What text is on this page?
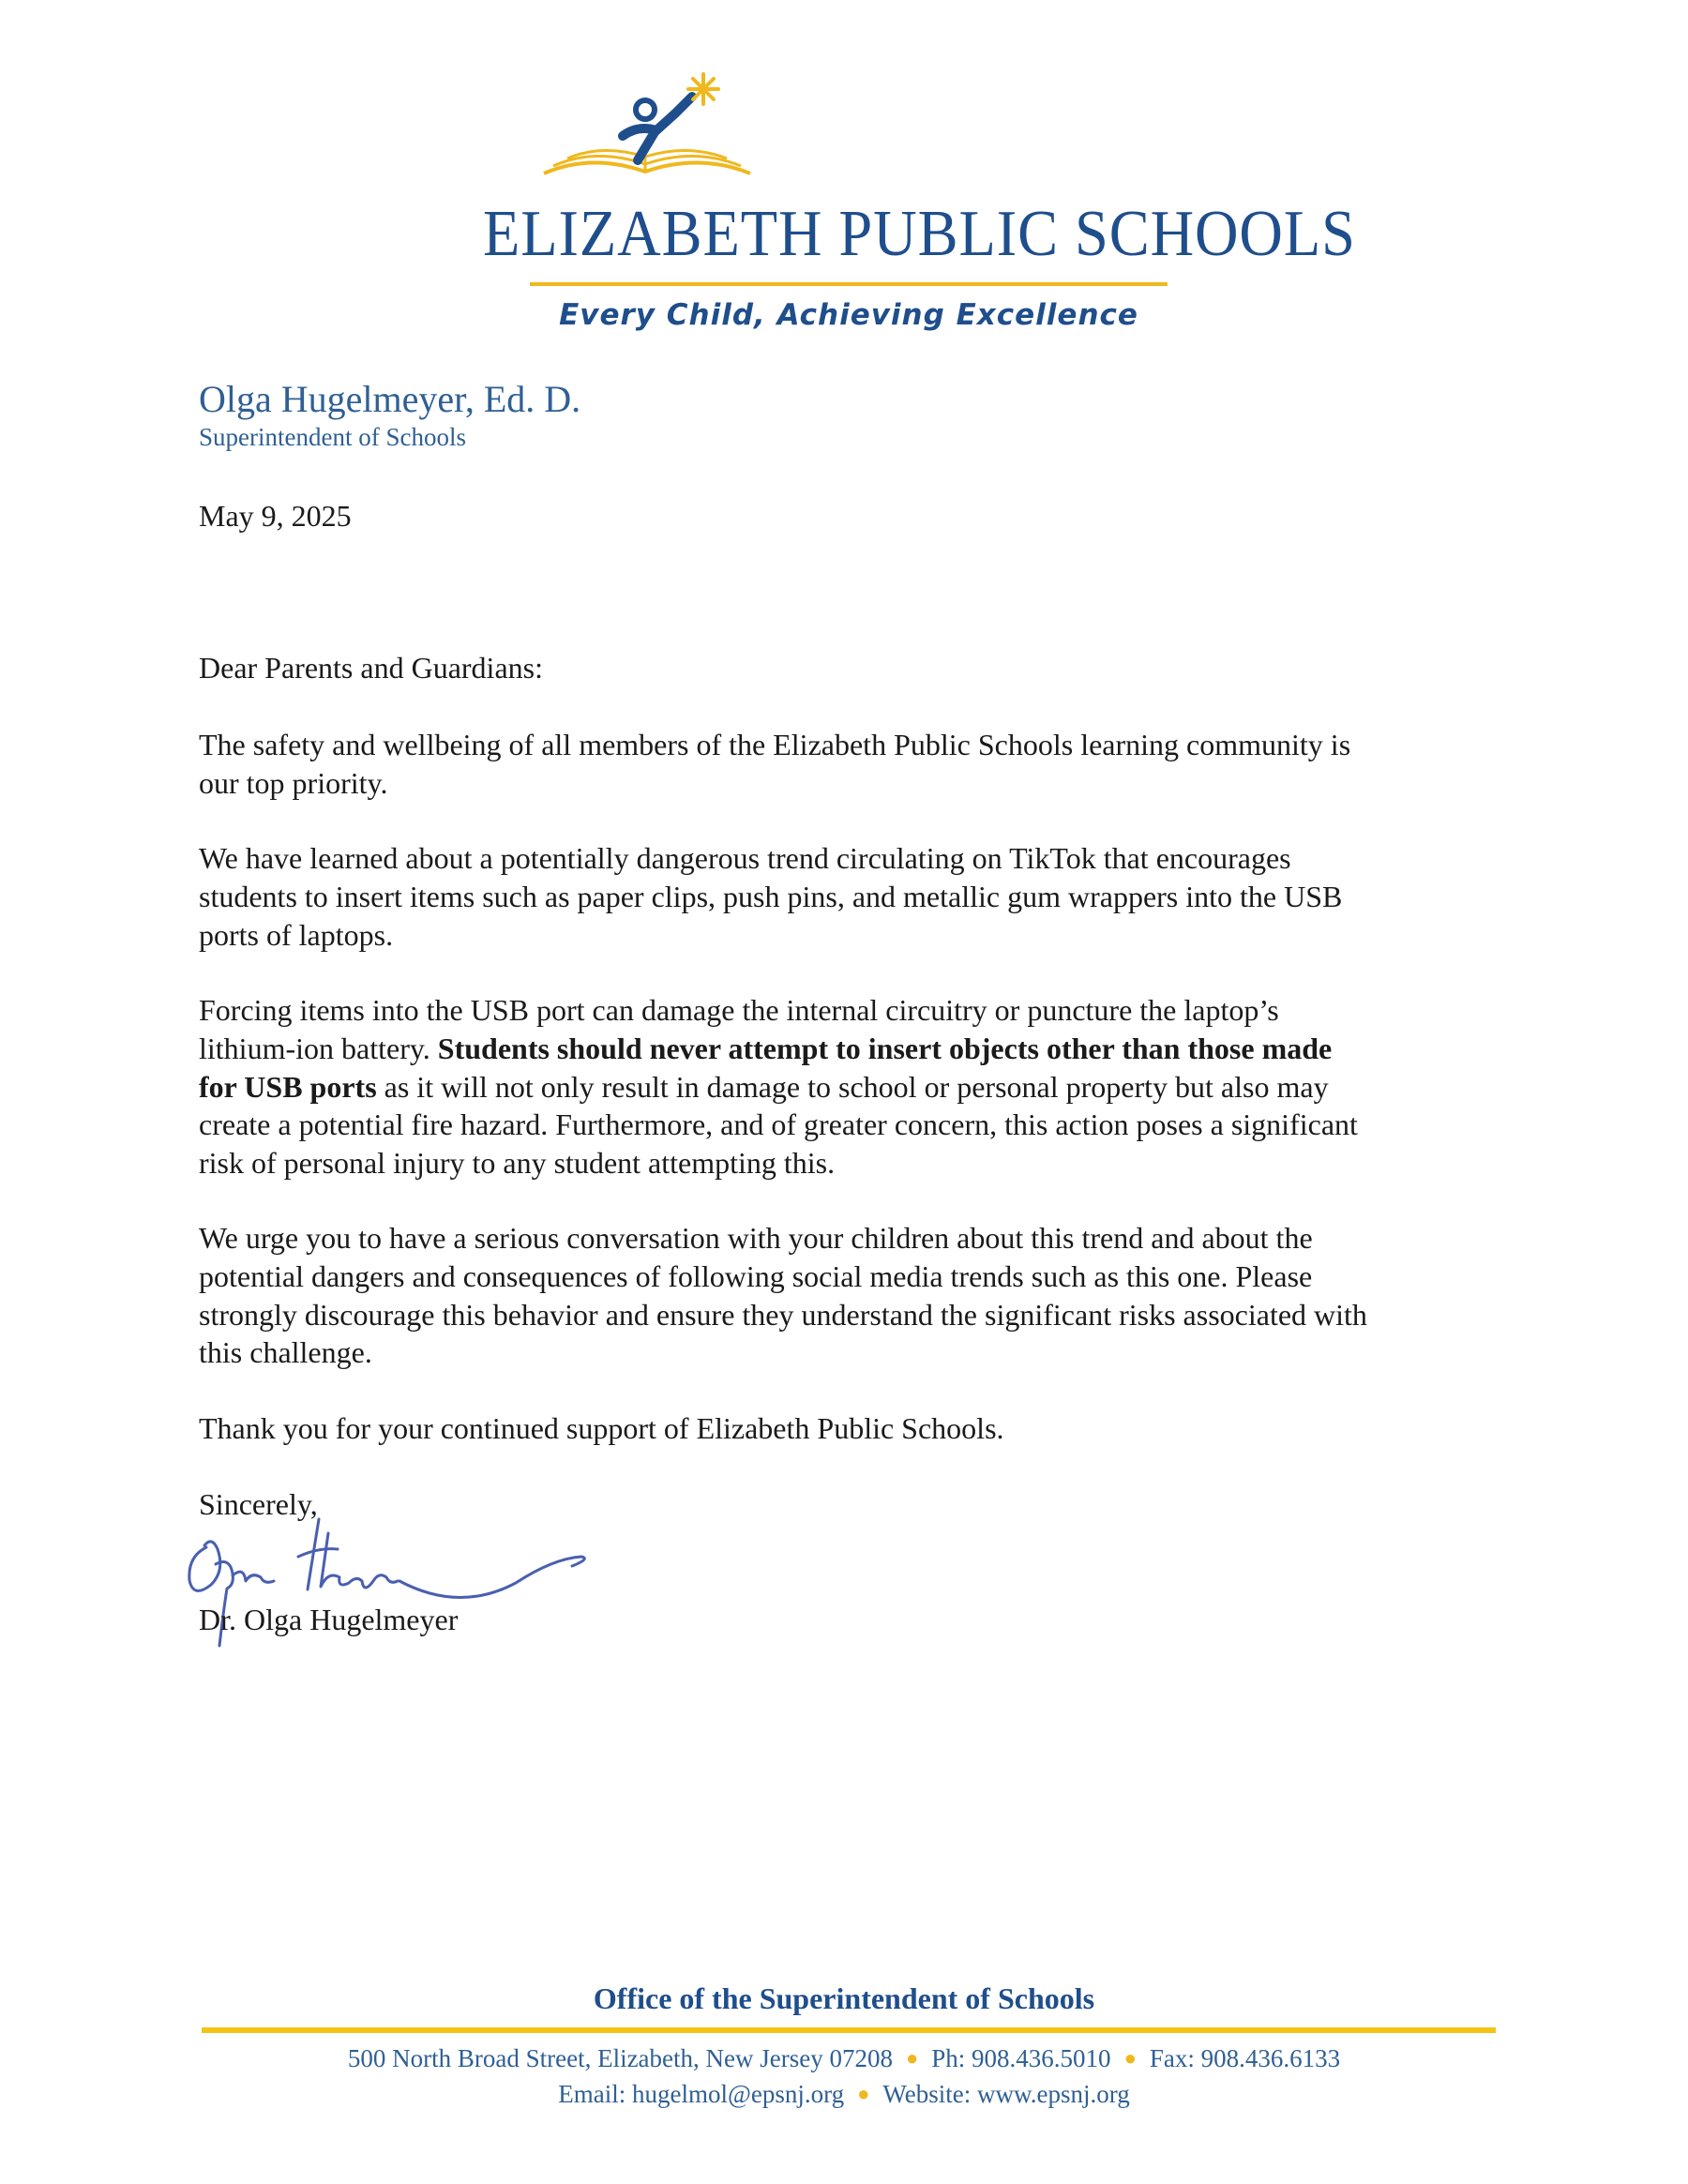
ELIZABETH PUBLIC SCHOOLS
Every Child, Achieving Excellence
Olga Hugelmeyer, Ed. D.
Superintendent of Schools
May 9, 2025
Dear Parents and Guardians:
The safety and wellbeing of all members of the Elizabeth Public Schools learning community is
our top priority.
We have learned about a potentially dangerous trend circulating on TikTok that encourages
students to insert items such as paper clips, push pins, and metallic gum wrappers into the USB
ports of laptops.
Forcing items into the USB port can damage the internal circuitry or puncture the laptop’s
lithium-ion battery. Students should never attempt to insert objects other than those made
for USB ports as it will not only result in damage to school or personal property but also may
create a potential fire hazard. Furthermore, and of greater concern, this action poses a significant
risk of personal injury to any student attempting this.
We urge you to have a serious conversation with your children about this trend and about the
potential dangers and consequences of following social media trends such as this one. Please
strongly discourage this behavior and ensure they understand the significant risks associated with
this challenge.
Thank you for your continued support of Elizabeth Public Schools.
Sincerely,
Dr. Olga Hugelmeyer
Office of the Superintendent of Schools
500 North Broad Street, Elizabeth, New Jersey 07208 ● Ph: 908.436.5010 ● Fax: 908.436.6133
Email: hugelmol@epsnj.org ● Website: www.epsnj.org
